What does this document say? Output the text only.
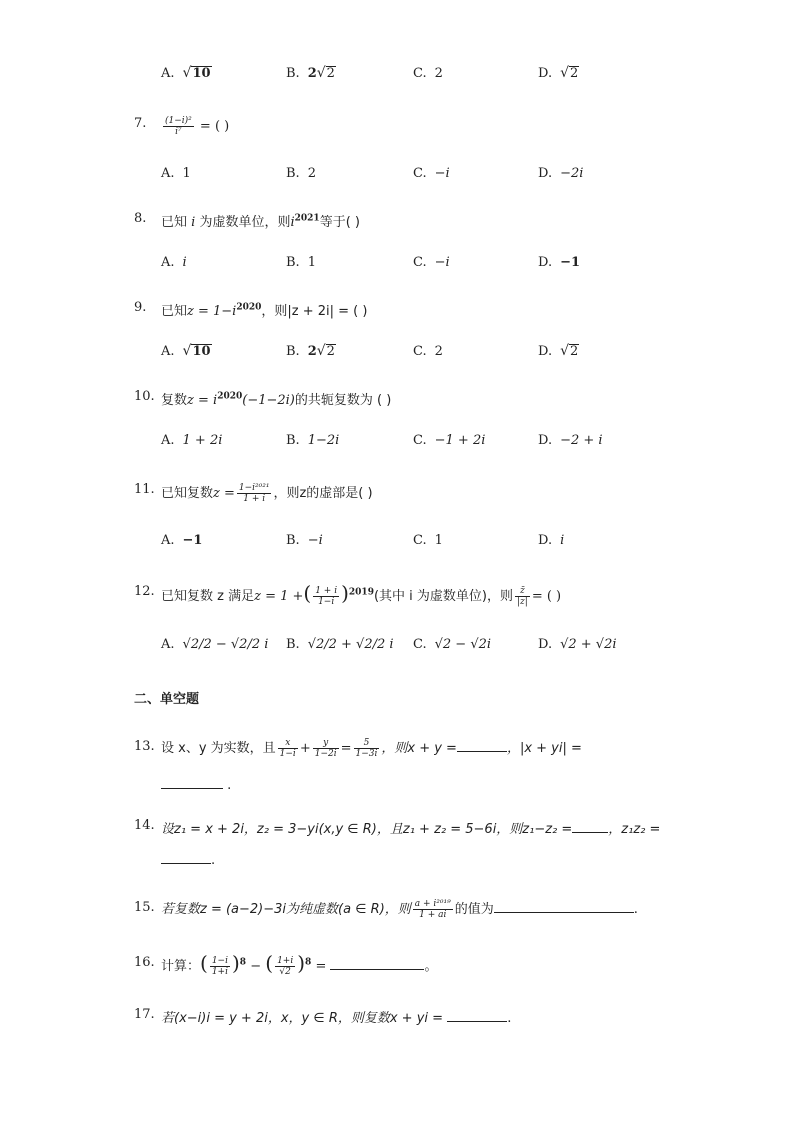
A. √ 10	B. 2 √ 2	C. 2	D. √ 2
7. $\frac{\text{(1−i)²}}{\text{i⁷}}$ = ( )
A. 1	B. 2	C. −i	D. −2i
8. 已知 i 为虚数单位，则$i^{2021}$等于( )
A. i	B. 1	C. −i	D. −1
9. 已知$z = 1-i^{2020}$，则|z + 2i| = ( )
A. √ 10	B. 2 √ 2	C. 2	D. √ 2
10. 复数$z = i^{2020}(-1-2i)$的共轭复数为 ( )
A. 1 + 2i	B. 1−2i	C. −1 + 2i	D. −2 + i
11. 已知复数$z = \frac{\text{1−i²⁰²¹}}{1 + i}$ ，则z的虚部是( )
A. −1	B. −i	C. 1	D. i
12. 已知复数 z 满足z = 1 +( $\frac{1 + i}{1-i} )^{2019}$(其中 i 为虚数单位)，则 $\frac{z̄}{|z|}$ = ( )
A. √2/2 − √2/2 i B. √2/2 + √2/2 i C. √2 − √2i	D. √2 + √2i
二、单空题
13. 设 x、y 为实数，且 $\frac{x}{1-i} + \frac{y}{1-2i} = \frac{5}{1-3i}$ ，则x + y =	，|x + yi| =
.
14. 设z₁ = x + 2i，z₂ = 3−yi(x,y ∈ R)，且z₁ + z₂ = 5−6i，则z₁−z₂ =	，z₁z₂ =
.
15. 若复数z = (a−2)−3i为纯虚数(a ∈ R)，则 $\frac{\text{a + i²⁰¹⁹}}{1 + ai}$ 的值为	.
16. 计算：( $\frac{1-i}{1+i} )^8$ − ( $\frac{1+i}{√2} )^8$ =	。
17. 若(x−i)i = y + 2i，x，y ∈ R，则复数x + yi =	.
